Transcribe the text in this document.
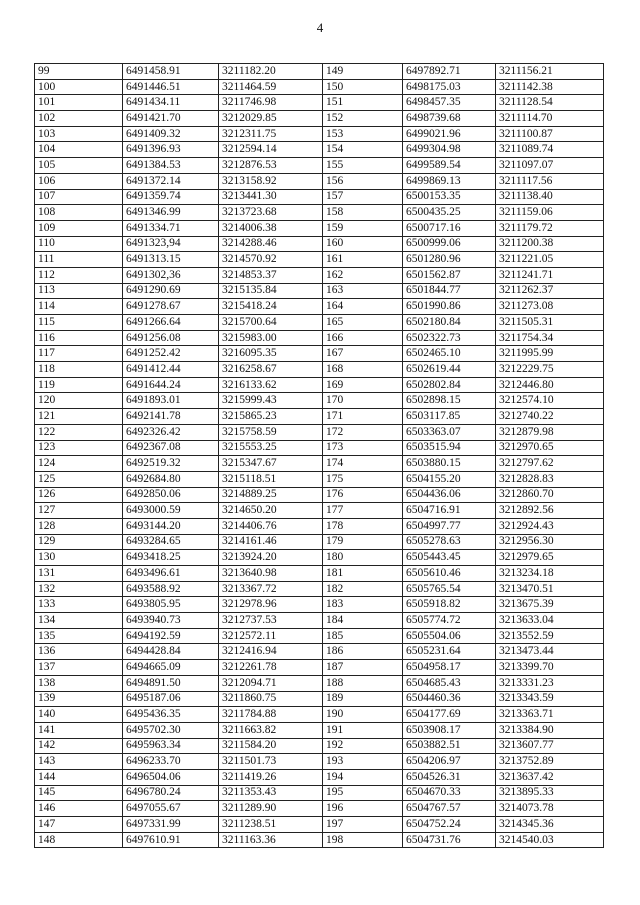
4
99	6491458.91	3211182.20	149	6497892.71	3211156.21
100	6491446.51	3211464.59	150	6498175.03	3211142.38
101	6491434.11	3211746.98	151	6498457.35	3211128.54
102	6491421.70	3212029.85	152	6498739.68	3211114.70
103	6491409.32	3212311.75	153	6499021.96	3211100.87
104	6491396.93	3212594.14	154	6499304.98	3211089.74
105	6491384.53	3212876.53	155	6499589.54	3211097.07
106	6491372.14	3213158.92	156	6499869.13	3211117.56
107	6491359.74	3213441.30	157	6500153.35	3211138.40
108	6491346.99	3213723.68	158	6500435.25	3211159.06
109	6491334.71	3214006.38	159	6500717.16	3211179.72
110	6491323,94	3214288.46	160	6500999.06	3211200.38
111	6491313.15	3214570.92	161	6501280.96	3211221.05
112	6491302,36	3214853.37	162	6501562.87	3211241.71
113	6491290.69	3215135.84	163	6501844.77	3211262.37
114	6491278.67	3215418.24	164	6501990.86	3211273.08
115	6491266.64	3215700.64	165	6502180.84	3211505.31
116	6491256.08	3215983.00	166	6502322.73	3211754.34
117	6491252.42	3216095.35	167	6502465.10	3211995.99
118	6491412.44	3216258.67	168	6502619.44	3212229.75
119	6491644.24	3216133.62	169	6502802.84	3212446.80
120	6491893.01	3215999.43	170	6502898.15	3212574.10
121	6492141.78	3215865.23	171	6503117.85	3212740.22
122	6492326.42	3215758.59	172	6503363.07	3212879.98
123	6492367.08	3215553.25	173	6503515.94	3212970.65
124	6492519.32	3215347.67	174	6503880.15	3212797.62
125	6492684.80	3215118.51	175	6504155.20	3212828.83
126	6492850.06	3214889.25	176	6504436.06	3212860.70
127	6493000.59	3214650.20	177	6504716.91	3212892.56
128	6493144.20	3214406.76	178	6504997.77	3212924.43
129	6493284.65	3214161.46	179	6505278.63	3212956.30
130	6493418.25	3213924.20	180	6505443.45	3212979.65
131	6493496.61	3213640.98	181	6505610.46	3213234.18
132	6493588.92	3213367.72	182	6505765.54	3213470.51
133	6493805.95	3212978.96	183	6505918.82	3213675.39
134	6493940.73	3212737.53	184	6505774.72	3213633.04
135	6494192.59	3212572.11	185	6505504.06	3213552.59
136	6494428.84	3212416.94	186	6505231.64	3213473.44
137	6494665.09	3212261.78	187	6504958.17	3213399.70
138	6494891.50	3212094.71	188	6504685.43	3213331.23
139	6495187.06	3211860.75	189	6504460.36	3213343.59
140	6495436.35	3211784.88	190	6504177.69	3213363.71
141	6495702.30	3211663.82	191	6503908.17	3213384.90
142	6495963.34	3211584.20	192	6503882.51	3213607.77
143	6496233.70	3211501.73	193	6504206.97	3213752.89
144	6496504.06	3211419.26	194	6504526.31	3213637.42
145	6496780.24	3211353.43	195	6504670.33	3213895.33
146	6497055.67	3211289.90	196	6504767.57	3214073.78
147	6497331.99	3211238.51	197	6504752.24	3214345.36
148	6497610.91	3211163.36	198	6504731.76	3214540.03
